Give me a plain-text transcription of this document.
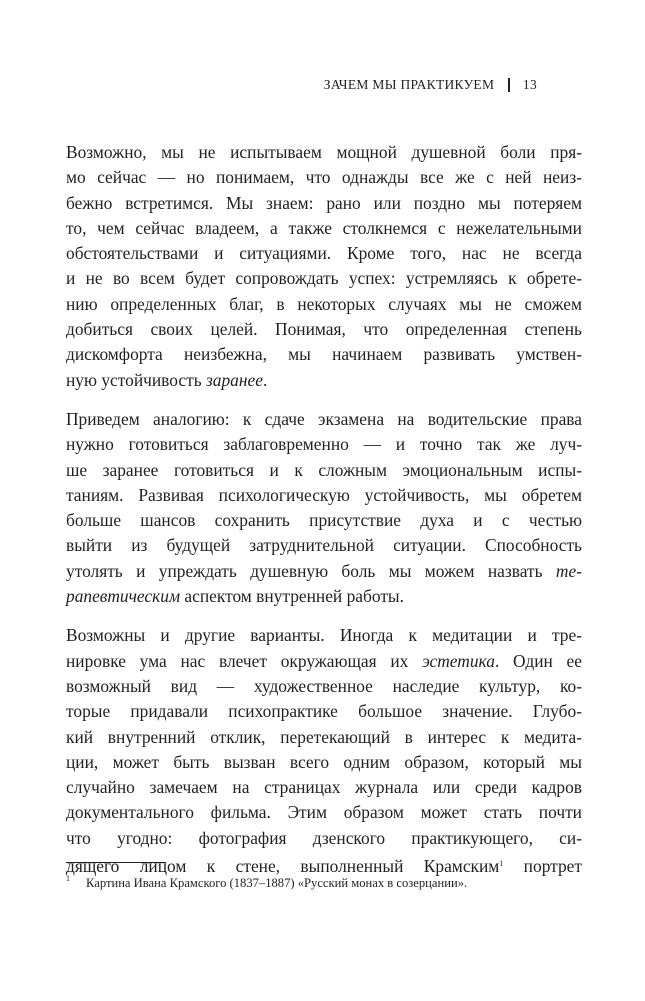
ЗАЧЕМ МЫ ПРАКТИКУЕМ 13
Возможно, мы не испытываем мощной душевной боли пря-
мо сейчас — но понимаем, что однажды все же с ней неиз-
бежно встретимся. Мы знаем: рано или поздно мы потеряем
то, чем сейчас владеем, а также столкнемся с нежелательными
обстоятельствами и ситуациями. Кроме того, нас не всегда
и не во всем будет сопровождать успех: устремляясь к обрете-
нию определенных благ, в некоторых случаях мы не сможем
добиться своих целей. Понимая, что определенная степень
дискомфорта неизбежна, мы начинаем развивать умствен-
ную устойчивость заранее.
Приведем аналогию: к сдаче экзамена на водительские права
нужно готовиться заблаговременно — и точно так же луч-
ше заранее готовиться и к сложным эмоциональным испы-
таниям. Развивая психологическую устойчивость, мы обретем
больше шансов сохранить присутствие духа и с честью
выйти из будущей затруднительной ситуации. Способность
утолять и упреждать душевную боль мы можем назвать те-
рапевтическим аспектом внутренней работы.
Возможны и другие варианты. Иногда к медитации и тре-
нировке ума нас влечет окружающая их эстетика. Один ее
возможный вид — художественное наследие культур, ко-
торые придавали психопрактике большое значение. Глубо-
кий внутренний отклик, перетекающий в интерес к медита-
ции, может быть вызван всего одним образом, который мы
случайно замечаем на страницах журнала или среди кадров
документального фильма. Этим образом может стать почти
что угодно: фотография дзенского практикующего, си-
дящего лицом к стене, выполненный Крамским$^1$ портрет
1 Картина Ивана Крамского (1837–1887) «Русский монах в созерцании».
